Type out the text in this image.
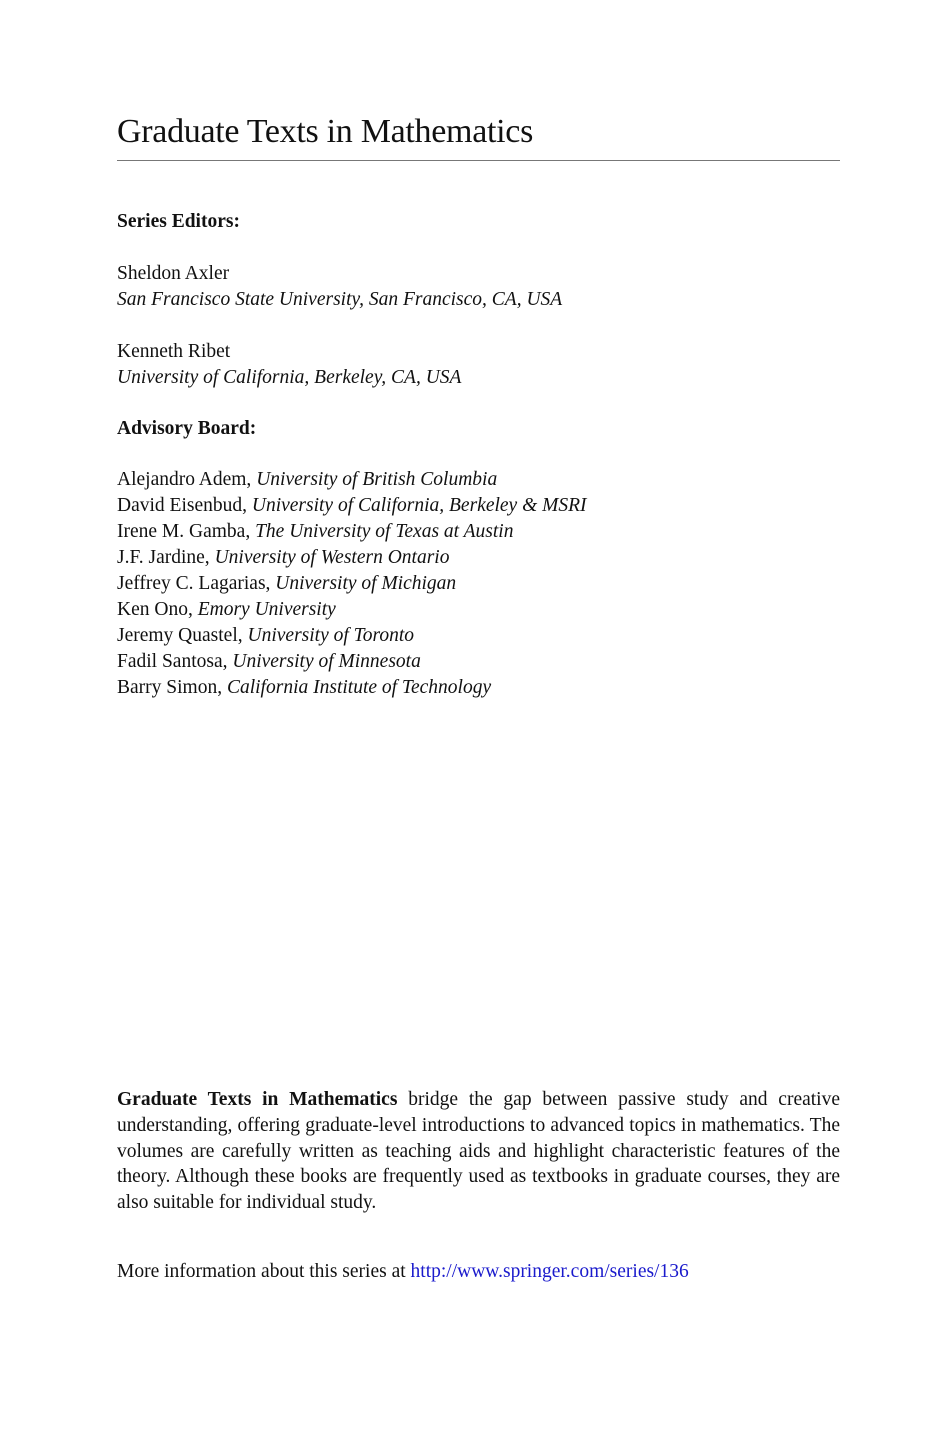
Graduate Texts in Mathematics
Series Editors:
Sheldon Axler
San Francisco State University, San Francisco, CA, USA
Kenneth Ribet
University of California, Berkeley, CA, USA
Advisory Board:
Alejandro Adem, University of British Columbia
David Eisenbud, University of California, Berkeley & MSRI
Irene M. Gamba, The University of Texas at Austin
J.F. Jardine, University of Western Ontario
Jeffrey C. Lagarias, University of Michigan
Ken Ono, Emory University
Jeremy Quastel, University of Toronto
Fadil Santosa, University of Minnesota
Barry Simon, California Institute of Technology
Graduate Texts in Mathematics bridge the gap between passive study and creative understanding, offering graduate-level introductions to advanced topics in mathematics. The volumes are carefully written as teaching aids and highlight characteristic features of the theory. Although these books are frequently used as textbooks in graduate courses, they are also suitable for individual study.
More information about this series at http://www.springer.com/series/136
